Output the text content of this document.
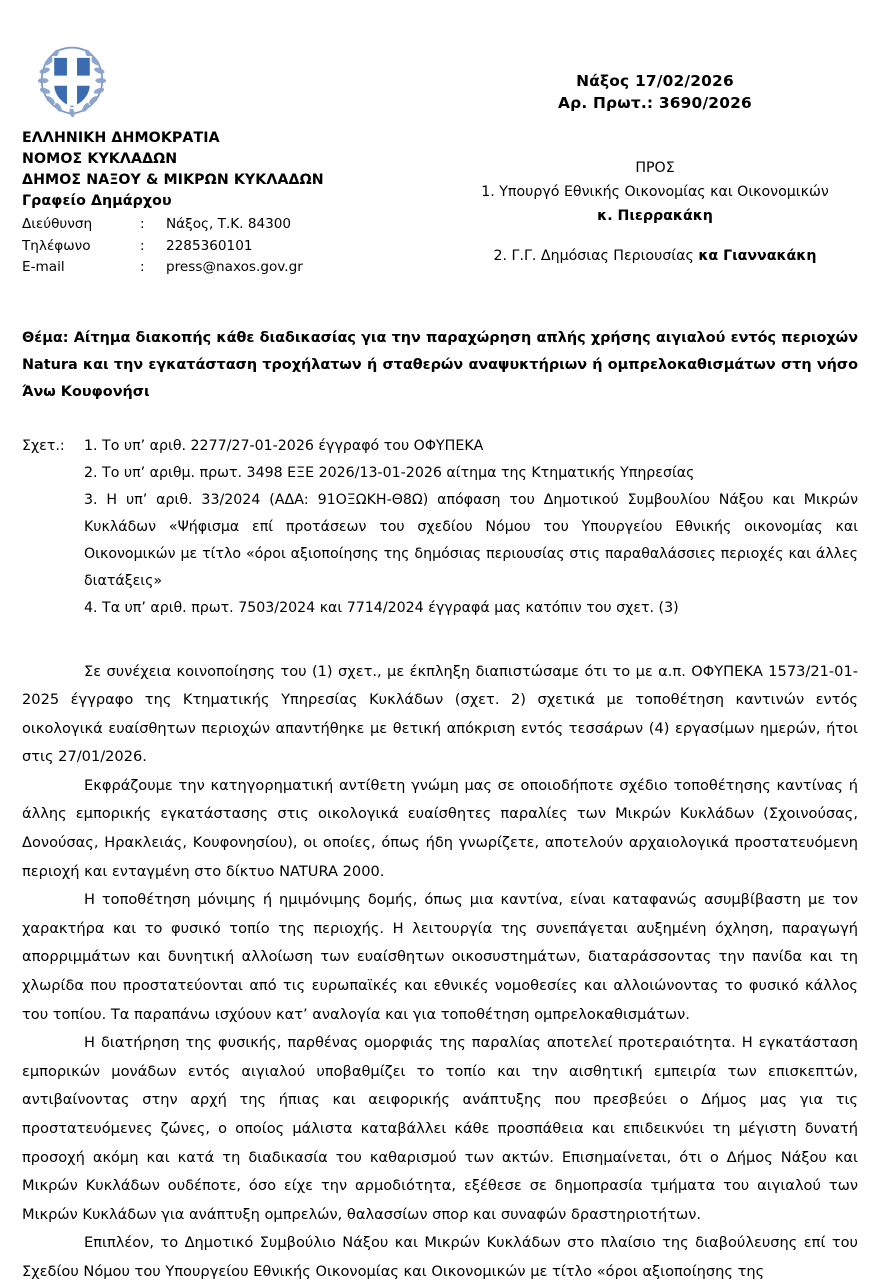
ΕΛΛΗΝΙΚΗ ΔΗΜΟΚΡΑΤΙΑ
ΝΟΜΟΣ ΚΥΚΛΑΔΩΝ
ΔΗΜΟΣ ΝΑΞΟΥ & ΜΙΚΡΩΝ ΚΥΚΛΑΔΩΝ
Γραφείο Δημάρχου
Διεύθυνση	:	Νάξος, Τ.Κ. 84300
Τηλέφωνο	:	2285360101
E-mail	:	press@naxos.gov.gr
Νάξος 17/02/2026
Αρ. Πρωτ.: 3690/2026
ΠΡΟΣ
1. Υπουργό Εθνικής Οικονομίας και Οικονομικών
κ. Πιερρακάκη
2. Γ.Γ. Δημόσιας Περιουσίας κα Γιαννακάκη
Θέμα: Αίτημα διακοπής κάθε διαδικασίας για την παραχώρηση απλής χρήσης αιγιαλού εντός περιοχών Natura και την εγκατάσταση τροχήλατων ή σταθερών αναψυκτήριων ή ομπρελοκαθισμάτων στη νήσο Άνω Κουφονήσι
Σχετ.:	1. Το υπ’ αριθ. 2277/27-01-2026 έγγραφό του ΟΦΥΠΕΚΑ
2. Το υπ’ αριθμ. πρωτ. 3498 ΕΞΕ 2026/13-01-2026 αίτημα της Κτηματικής Υπηρεσίας
3. Η υπ’ αριθ. 33/2024 (ΑΔΑ: 91ΟΞΩΚΗ-Θ8Ω) απόφαση του Δημοτικού Συμβουλίου Νάξου και Μικρών Κυκλάδων «Ψήφισμα επί προτάσεων του σχεδίου Νόμου του Υπουργείου Εθνικής οικονομίας και Οικονομικών με τίτλο «όροι αξιοποίησης της δημόσιας περιουσίας στις παραθαλάσσιες περιοχές και άλλες διατάξεις»
4. Τα υπ’ αριθ. πρωτ. 7503/2024 και 7714/2024 έγγραφά μας κατόπιν του σχετ. (3)

Σε συνέχεια κοινοποίησης του (1) σχετ., με έκπληξη διαπιστώσαμε ότι το με α.π. ΟΦΥΠΕΚΑ 1573/21-01-2025 έγγραφο της Κτηματικής Υπηρεσίας Κυκλάδων (σχετ. 2) σχετικά με τοποθέτηση καντινών εντός οικολογικά ευαίσθητων περιοχών απαντήθηκε με θετική απόκριση εντός τεσσάρων (4) εργασίμων ημερών, ήτοι στις 27/01/2026.

Εκφράζουμε την κατηγορηματική αντίθετη γνώμη μας σε οποιοδήποτε σχέδιο τοποθέτησης καντίνας ή άλλης εμπορικής εγκατάστασης στις οικολογικά ευαίσθητες παραλίες των Μικρών Κυκλάδων (Σχοινούσας, Δονούσας, Ηρακλειάς, Κουφονησίου), οι οποίες, όπως ήδη γνωρίζετε, αποτελούν αρχαιολογικά προστατευόμενη περιοχή και ενταγμένη στο δίκτυο NATURA 2000.

Η τοποθέτηση μόνιμης ή ημιμόνιμης δομής, όπως μια καντίνα, είναι καταφανώς ασυμβίβαστη με τον χαρακτήρα και το φυσικό τοπίο της περιοχής. Η λειτουργία της συνεπάγεται αυξημένη όχληση, παραγωγή απορριμμάτων και δυνητική αλλοίωση των ευαίσθητων οικοσυστημάτων, διαταράσσοντας την πανίδα και τη χλωρίδα που προστατεύονται από τις ευρωπαϊκές και εθνικές νομοθεσίες και αλλοιώνοντας το φυσικό κάλλος του τοπίου. Τα παραπάνω ισχύουν κατ’ αναλογία και για τοποθέτηση ομπρελοκαθισμάτων.

Η διατήρηση της φυσικής, παρθένας ομορφιάς της παραλίας αποτελεί προτεραιότητα. Η εγκατάσταση εμπορικών μονάδων εντός αιγιαλού υποβαθμίζει το τοπίο και την αισθητική εμπειρία των επισκεπτών, αντιβαίνοντας στην αρχή της ήπιας και αειφορικής ανάπτυξης που πρεσβεύει ο Δήμος μας για τις προστατευόμενες ζώνες, ο οποίος μάλιστα καταβάλλει κάθε προσπάθεια και επιδεικνύει τη μέγιστη δυνατή προσοχή ακόμη και κατά τη διαδικασία του καθαρισμού των ακτών. Επισημαίνεται, ότι ο Δήμος Νάξου και Μικρών Κυκλάδων ουδέποτε, όσο είχε την αρμοδιότητα, εξέθεσε σε δημοπρασία τμήματα του αιγιαλού των Μικρών Κυκλάδων για ανάπτυξη ομπρελών, θαλασσίων σπορ και συναφών δραστηριοτήτων.

Επιπλέον, το Δημοτικό Συμβούλιο Νάξου και Μικρών Κυκλάδων στο πλαίσιο της διαβούλευσης επί του Σχεδίου Νόμου του Υπουργείου Εθνικής Οικονομίας και Οικονομικών με τίτλο «όροι αξιοποίησης της
